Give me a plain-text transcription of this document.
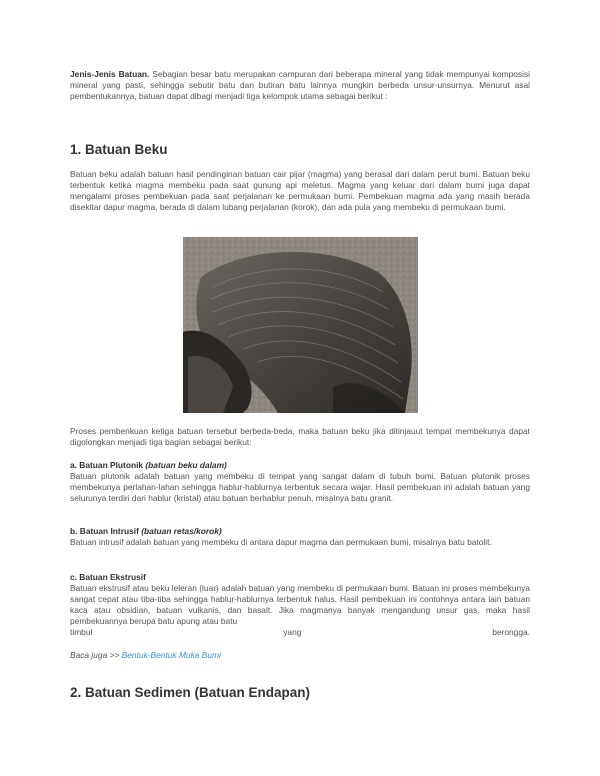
Jenis-Jenis Batuan. Sebagian besar batu merupakan campuran dari beberapa mineral yang tidak mempunyai komposisi mineral yang pasti, sehingga sebutir batu dan butiran batu lainnya mungkin berbeda unsur-unsurnya. Menurut asal pembentukannya, batuan dapat dibagi menjadi tiga kelompok utama sebagai berikut :

1. Batuan Beku

Batuan beku adalah batuan hasil pendinginan batuan cair pijar (magma) yang berasal dari dalam perut bumi. Batuan beku terbentuk ketika magma membeku pada saat gunung api meletus. Magma yang keluar dari dalam bumi juga dapat mengalami proses pembekuan pada saat perjalanan ke permukaan bumi. Pembekuan magma ada yang masih berada disekitar dapur magma, berada di dalam lubang perjalanan (korok), dan ada pula yang membeku di permukaan bumi.

Proses pembenkuan ketiga batuan tersebut berbeda-beda, maka batuan beku jika ditinjauut tempat membekunya dapat digolongkan menjadi tiga bagian sebagai berikut:

a. Batuan Plutonik (batuan beku dalam)

Batuan plutonik adalah batuan yang membeku di tempat yang sangat dalam di tubuh bumi. Batuan plutonik proses membekunya perlahan-lahan sehingga hablur-hablurnya terbentuk secara wajar. Hasil pembekuan ini adalah batuan yang selurunya terdiri dari hablur (kristal) atau batuan berhablur penuh, misalnya batu granit.

b. Batuan Intrusif (batuan retas/korok)

Batuan intrusif adalah batuan yang membeku di antara dapur magma dan permukaan bumi, misalnya batu batolit.

c. Batuan Ekstrusif

Batuan ekstrusif atau beku leleran (luar) adalah batuan yang membeku di permukaan bumi. Batuan ini proses membekunya sangat cepat atau tiba-tiba sehingga hablur-hablurnya terbentuk halus. Hasil pembekuan ini contohnya antara lain batuan kaca atau obsidian, batuan vulkanis, dan basalt. Jika magmanya banyak mengandung unsur gas, maka hasil pembekuannya berupa batu apung atau batu

timbul	yang	berongga.

Baca juga >> Bentuk-Bentuk Muka Bumi

2. Batuan Sedimen (Batuan Endapan)
